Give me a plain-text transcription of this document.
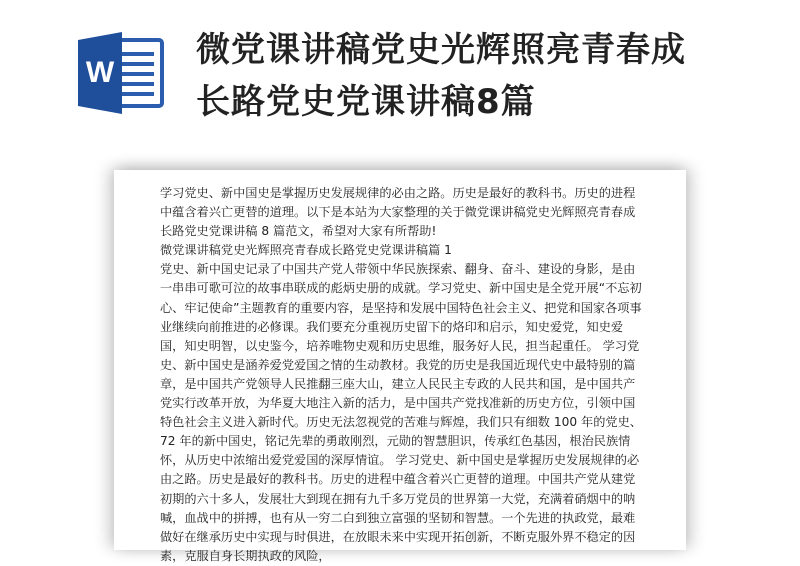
W
微党课讲稿党史光辉照亮青春成
长路党史党课讲稿8篇

学习党史、新中国史是掌握历史发展规律的必由之路。历史是最好的教科书。历史的进程中蕴含着兴亡更替的道理。以下是本站为大家整理的关于微党课讲稿党史光辉照亮青春成长路党史党课讲稿 8 篇范文，希望对大家有所帮助!

微党课讲稿党史光辉照亮青春成长路党史党课讲稿篇 1

党史、新中国史记录了中国共产党人带领中华民族探索、翻身、奋斗、建设的身影，是由一串串可歌可泣的故事串联成的彪炳史册的成就。学习党史、新中国史是全党开展“不忘初心、牢记使命”主题教育的重要内容，是坚持和发展中国特色社会主义、把党和国家各项事业继续向前推进的必修课。我们要充分重视历史留下的烙印和启示，知史爱党，知史爱国，知史明智，以史鉴今，培养唯物史观和历史思维，服务好人民，担当起重任。 学习党史、新中国史是涵养爱党爱国之情的生动教材。我党的历史是我国近现代史中最特别的篇章，是中国共产党领导人民推翻三座大山，建立人民民主专政的人民共和国，是中国共产党实行改革开放，为华夏大地注入新的活力，是中国共产党找准新的历史方位，引领中国特色社会主义进入新时代。历史无法忽视党的苦难与辉煌，我们只有细数 100 年的党史、72 年的新中国史，铭记先辈的勇敢刚烈，元勋的智慧胆识，传承红色基因，根治民族情怀，从历史中浓缩出爱党爱国的深厚情谊。 学习党史、新中国史是掌握历史发展规律的必由之路。历史是最好的教科书。历史的进程中蕴含着兴亡更替的道理。中国共产党从建党初期的六十多人，发展壮大到现在拥有九千多万党员的世界第一大党，充满着硝烟中的呐喊，血战中的拼搏，也有从一穷二白到独立富强的坚韧和智慧。一个先进的执政党，最难做好在继承历史中实现与时俱进，在放眼未来中实现开拓创新，不断克服外界不稳定的因素，克服自身长期执政的风险，
